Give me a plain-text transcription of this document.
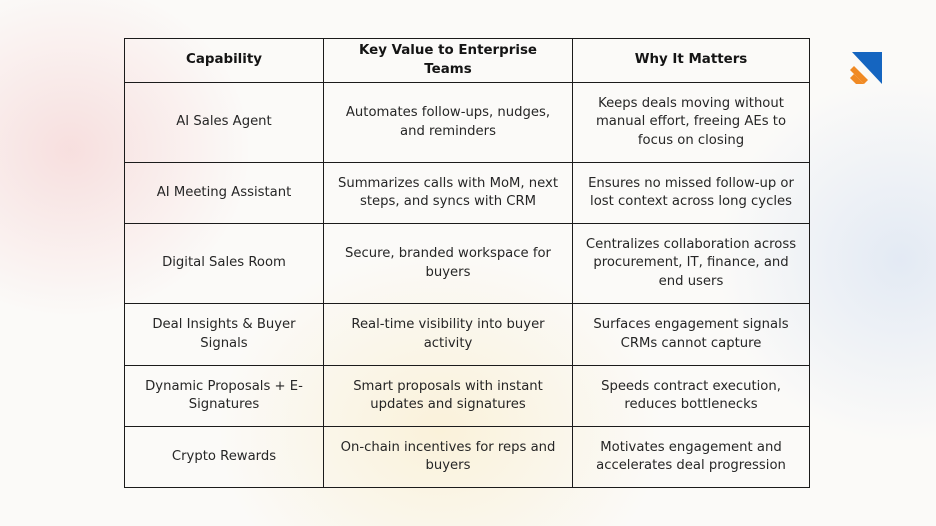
Capability
Key Value to Enterprise Teams
Why It Matters
AI Sales Agent
Automates follow-ups, nudges, and reminders
Keeps deals moving without manual effort, freeing AEs to focus on closing
AI Meeting Assistant
Summarizes calls with MoM, next steps, and syncs with CRM
Ensures no missed follow-up or lost context across long cycles
Digital Sales Room
Secure, branded workspace for buyers
Centralizes collaboration across procurement, IT, finance, and end users
Deal Insights & Buyer Signals
Real-time visibility into buyer activity
Surfaces engagement signals CRMs cannot capture
Dynamic Proposals + E-Signatures
Smart proposals with instant updates and signatures
Speeds contract execution, reduces bottlenecks
Crypto Rewards
On-chain incentives for reps and buyers
Motivates engagement and accelerates deal progression
